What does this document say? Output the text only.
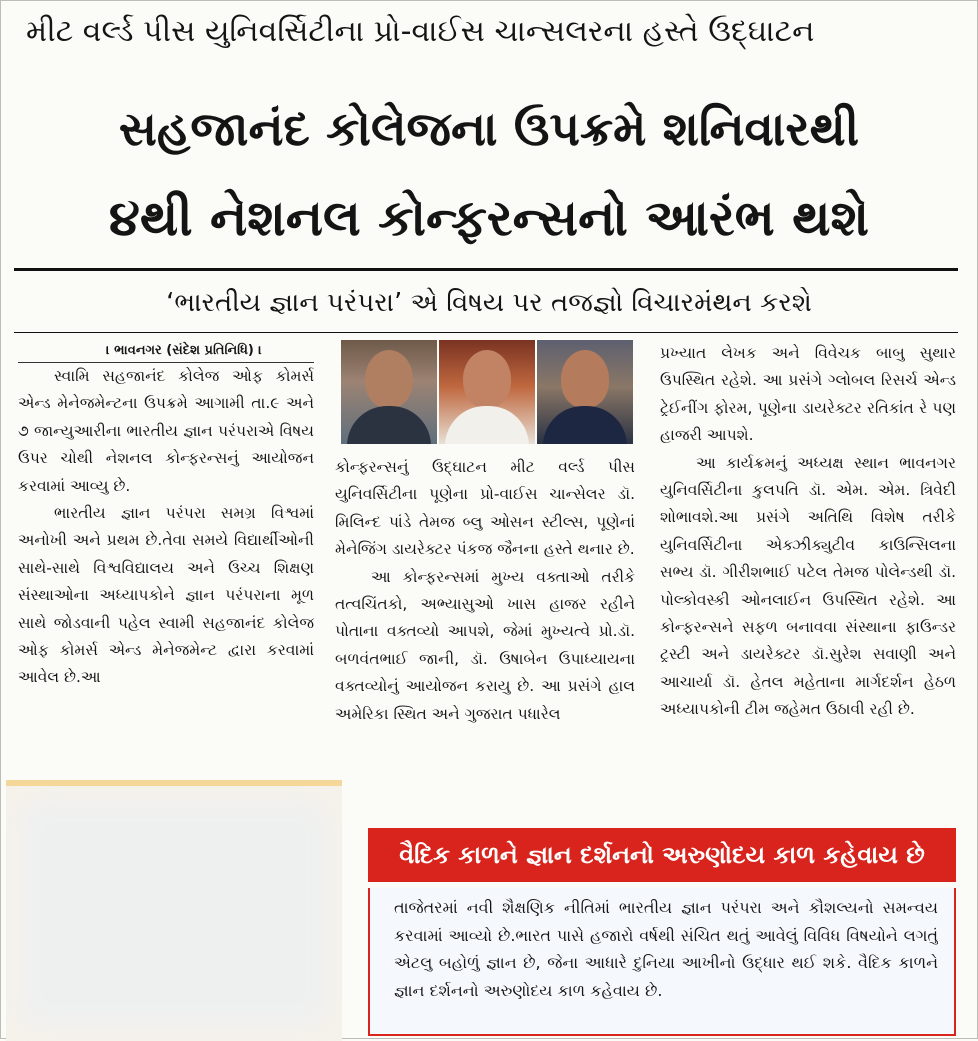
મીટ વર્લ્ડ પીસ યુનિવર્સિટીના પ્રો-વાઈસ ચાન્સલરના હસ્તે ઉદ્ઘાટન
સહજાનંદ કોલેજના ઉપક્રમે શનિવારથી
૪થી નેશનલ કોન્ફરન્સનો આરંભ થશે
‘ભારતીય જ્ઞાન પરંપરા’ એ વિષય પર તજજ્ઞો વિચારમંથન કરશે

। ભાવનગર (સંદેશ પ્રતિનિધિ) ।

સ્વામિ સહજાનંદ કોલેજ ઓફ કોમર્સ એન્ડ મેનેજમેન્ટના ઉપક્રમે આગામી તા.૯ અને ૭ જાન્યુઆરીના ભારતીય જ્ઞાન પરંપરાએ વિષય ઉપર ચોથી નેશનલ કોન્ફરન્સનું આયોજન કરવામાં આવ્યુ છે.

ભારતીય જ્ઞાન પરંપરા સમગ્ર વિશ્વમાં અનોખી અને પ્રથમ છે.તેવા સમયે વિદ્યાર્થીઓની સાથે-સાથે વિશ્વવિદ્યાલય અને ઉચ્ચ શિક્ષણ સંસ્થાઓના અધ્યાપકોને જ્ઞાન પરંપરાના મૂળ સાથે જોડવાની પહેલ સ્વામી સહજાનંદ કોલેજ ઓફ કોમર્સ એન્ડ મેનેજમેન્ટ દ્વારા કરવામાં આવેલ છે.આ

કોન્ફરન્સનું ઉદ્ઘાટન મીટ વર્લ્ડ પીસ યુનિવર્સિટીના પૂણેના પ્રો-વાઈસ ચાન્સેલર ડૉ. મિલિન્દ પાંડે તેમજ બ્લુ ઓસન સ્ટીલ્સ, પૂણેનાં મેનેજિંગ ડાયરેક્ટર પંકજ જૈનના હસ્તે થનાર છે.

આ કોન્ફરન્સમાં મુખ્ય વક્તાઓ તરીકે તત્વચિંતકો, અભ્યાસુઓ ખાસ હાજર રહીને પોતાના વક્તવ્યો આપશે, જેમાં મુખ્યત્વે પ્રો.ડૉ. બળવંતભાઈ જાની, ડૉ. ઉષાબેન ઉપાધ્યાયના વક્તવ્યોનું આયોજન કરાયુ છે. આ પ્રસંગે હાલ અમેરિકા સ્થિત અને ગુજરાત પધારેલ

પ્રખ્યાત લેખક અને વિવેચક બાબુ સુથાર ઉપસ્થિત રહેશે. આ પ્રસંગે ગ્લોબલ રિસર્ચ એન્ડ ટ્રેઈનીંગ ફોરમ, પૂણેના ડાયરેક્ટર રતિકાંત રે પણ હાજરી આપશે.

આ કાર્યક્રમનું અધ્યક્ષ સ્થાન ભાવનગર યુનિવર્સિટીના કુલપતિ ડૉ. એમ. એમ. ત્રિવેદી શોભાવશે.આ પ્રસંગે અતિથિ વિશેષ તરીકે યુનિવર્સિટીના એક્ઝીક્યુટીવ કાઉન્સિલના સભ્ય ડૉ. ગીરીશભાઈ પટેલ તેમજ પોલેન્ડથી ડૉ. પોલ્કોવસ્કી ઓનલાઈન ઉપસ્થિત રહેશે. આ કોન્ફરન્સને સફળ બનાવવા સંસ્થાના ફાઉન્ડર ટ્રસ્ટી અને ડાયરેક્ટર ડૉ.સુરેશ સવાણી અને આચાર્યા ડૉ. હેતલ મહેતાના માર્ગદર્શન હેઠળ અધ્યાપકોની ટીમ જહેમત ઉઠાવી રહી છે.

વૈદિક કાળને જ્ઞાન દર્શનનો અરુણોદય કાળ કહેવાય છે
તાજેતરમાં નવી શૈક્ષણિક નીતિમાં ભારતીય જ્ઞાન પરંપરા અને કૌશલ્યનો સમન્વય કરવામાં આવ્યો છે.ભારત પાસે હજારો વર્ષથી સંચિત થતું આવેલું વિવિધ વિષયોને લગતું એટલુ બહોળું જ્ઞાન છે, જેના આધારે દુનિયા આખીનો ઉદ્ધાર થઈ શકે. વૈદિક કાળને જ્ઞાન દર્શનનો અરુણોદય કાળ કહેવાય છે.
